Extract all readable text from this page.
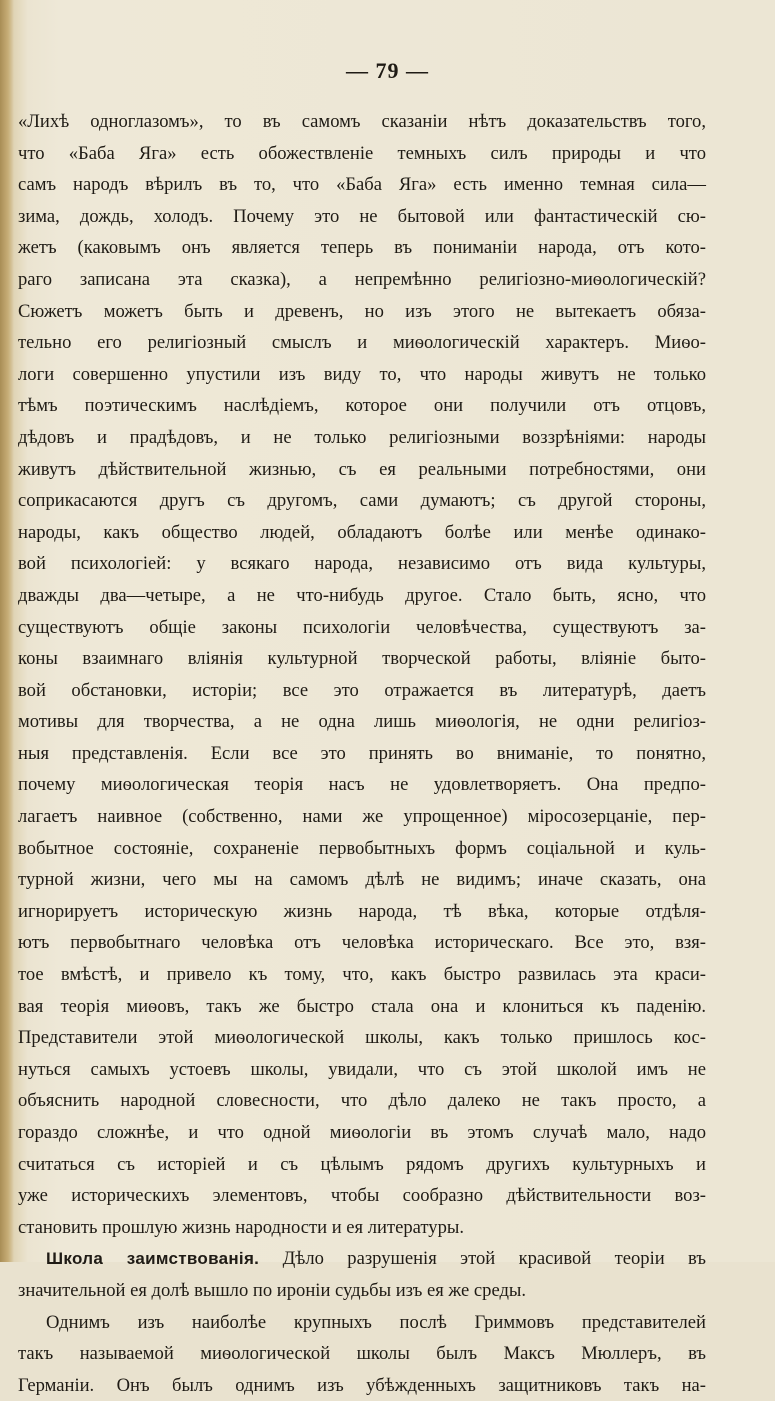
— 79 —
«Лихѣ одноглазомъ», то въ самомъ сказаніи нѣтъ доказательствъ того,
что «Баба Яга» есть обожествленіе темныхъ силъ природы и что
самъ народъ вѣрилъ въ то, что «Баба Яга» есть именно темная сила—
зима, дождь, холодъ. Почему это не бытовой или фантастическій сю-
жетъ (каковымъ онъ является теперь въ пониманіи народа, отъ кото-
раго записана эта сказка), а непремѣнно религіозно-миѳологическій?
Сюжетъ можетъ быть и древенъ, но изъ этого не вытекаетъ обяза-
тельно его религіозный смыслъ и миѳологическій характеръ. Миѳо-
логи совершенно упустили изъ виду то, что народы живутъ не только
тѣмъ поэтическимъ наслѣдіемъ, которое они получили отъ отцовъ,
дѣдовъ и прадѣдовъ, и не только религіозными воззрѣніями: народы
живутъ дѣйствительной жизнью, съ ея реальными потребностями, они
соприкасаются другъ съ другомъ, сами думаютъ; съ другой стороны,
народы, какъ общество людей, обладаютъ болѣе или менѣе одинако-
вой психологіей: у всякаго народа, независимо отъ вида культуры,
дважды два—четыре, а не что-нибудь другое. Стало быть, ясно, что
существуютъ общіе законы психологіи человѣчества, существуютъ за-
коны взаимнаго вліянія культурной творческой работы, вліяніе быто-
вой обстановки, исторіи; все это отражается въ литературѣ, даетъ
мотивы для творчества, а не одна лишь миѳологія, не одни религіоз-
ныя представленія. Если все это принять во вниманіе, то понятно,
почему миѳологическая теорія насъ не удовлетворяетъ. Она предпо-
лагаетъ наивное (собственно, нами же упрощенное) міросозерцаніе, пер-
вобытное состояніе, сохраненіе первобытныхъ формъ соціальной и куль-
турной жизни, чего мы на самомъ дѣлѣ не видимъ; иначе сказать, она
игнорируетъ историческую жизнь народа, тѣ вѣка, которые отдѣля-
ютъ первобытнаго человѣка отъ человѣка историческаго. Все это, взя-
тое вмѣстѣ, и привело къ тому, что, какъ быстро развилась эта краси-
вая теорія миѳовъ, такъ же быстро стала она и клониться къ паденію.
Представители этой миѳологической школы, какъ только пришлось кос-
нуться самыхъ устоевъ школы, увидали, что съ этой школой имъ не
объяснить народной словесности, что дѣло далеко не такъ просто, а
гораздо сложнѣе, и что одной миѳологіи въ этомъ случаѣ мало, надо
считаться съ исторіей и съ цѣлымъ рядомъ другихъ культурныхъ и
уже историческихъ элементовъ, чтобы сообразно дѣйствительности воз-
становить прошлую жизнь народности и ея литературы.
Школа заимствованія. Дѣло разрушенія этой красивой теоріи въ
значительной ея долѣ вышло по ироніи судьбы изъ ея же среды.
Однимъ изъ наиболѣе крупныхъ послѣ Гриммовъ представителей
такъ называемой миѳологической школы былъ Максъ Мюллеръ, въ
Германіи. Онъ былъ однимъ изъ убѣжденныхъ защитниковъ такъ на-
